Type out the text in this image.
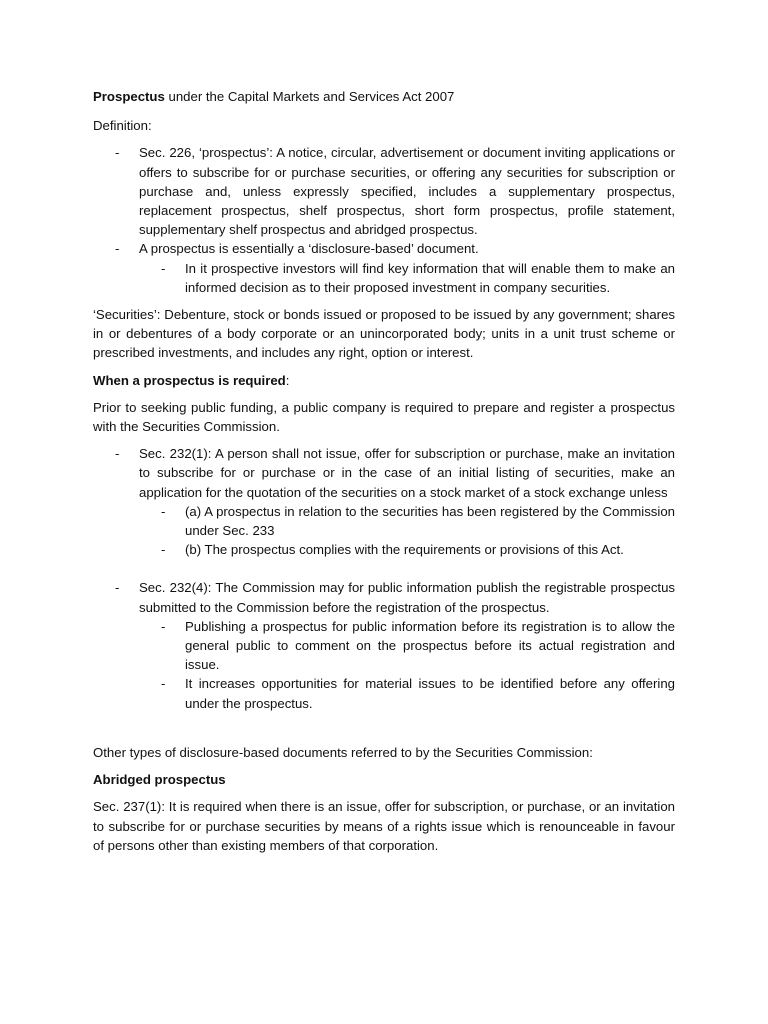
Prospectus under the Capital Markets and Services Act 2007

Definition:

- Sec. 226, ‘prospectus’: A notice, circular, advertisement or document inviting applications or offers to subscribe for or purchase securities, or offering any securities for subscription or purchase and, unless expressly specified, includes a supplementary prospectus, replacement prospectus, shelf prospectus, short form prospectus, profile statement, supplementary shelf prospectus and abridged prospectus.
- A prospectus is essentially a ‘disclosure-based’ document.
- In it prospective investors will find key information that will enable them to make an informed decision as to their proposed investment in company securities.

‘Securities’: Debenture, stock or bonds issued or proposed to be issued by any government; shares in or debentures of a body corporate or an unincorporated body; units in a unit trust scheme or prescribed investments, and includes any right, option or interest.

When a prospectus is required:

Prior to seeking public funding, a public company is required to prepare and register a prospectus with the Securities Commission.

- Sec. 232(1): A person shall not issue, offer for subscription or purchase, make an invitation to subscribe for or purchase or in the case of an initial listing of securities, make an application for the quotation of the securities on a stock market of a stock exchange unless
- (a) A prospectus in relation to the securities has been registered by the Commission under Sec. 233
- (b) The prospectus complies with the requirements or provisions of this Act.
- Sec. 232(4): The Commission may for public information publish the registrable prospectus submitted to the Commission before the registration of the prospectus.
- Publishing a prospectus for public information before its registration is to allow the general public to comment on the prospectus before its actual registration and issue.
- It increases opportunities for material issues to be identified before any offering under the prospectus.

Other types of disclosure-based documents referred to by the Securities Commission:

Abridged prospectus

Sec. 237(1): It is required when there is an issue, offer for subscription, or purchase, or an invitation to subscribe for or purchase securities by means of a rights issue which is renounceable in favour of persons other than existing members of that corporation.
